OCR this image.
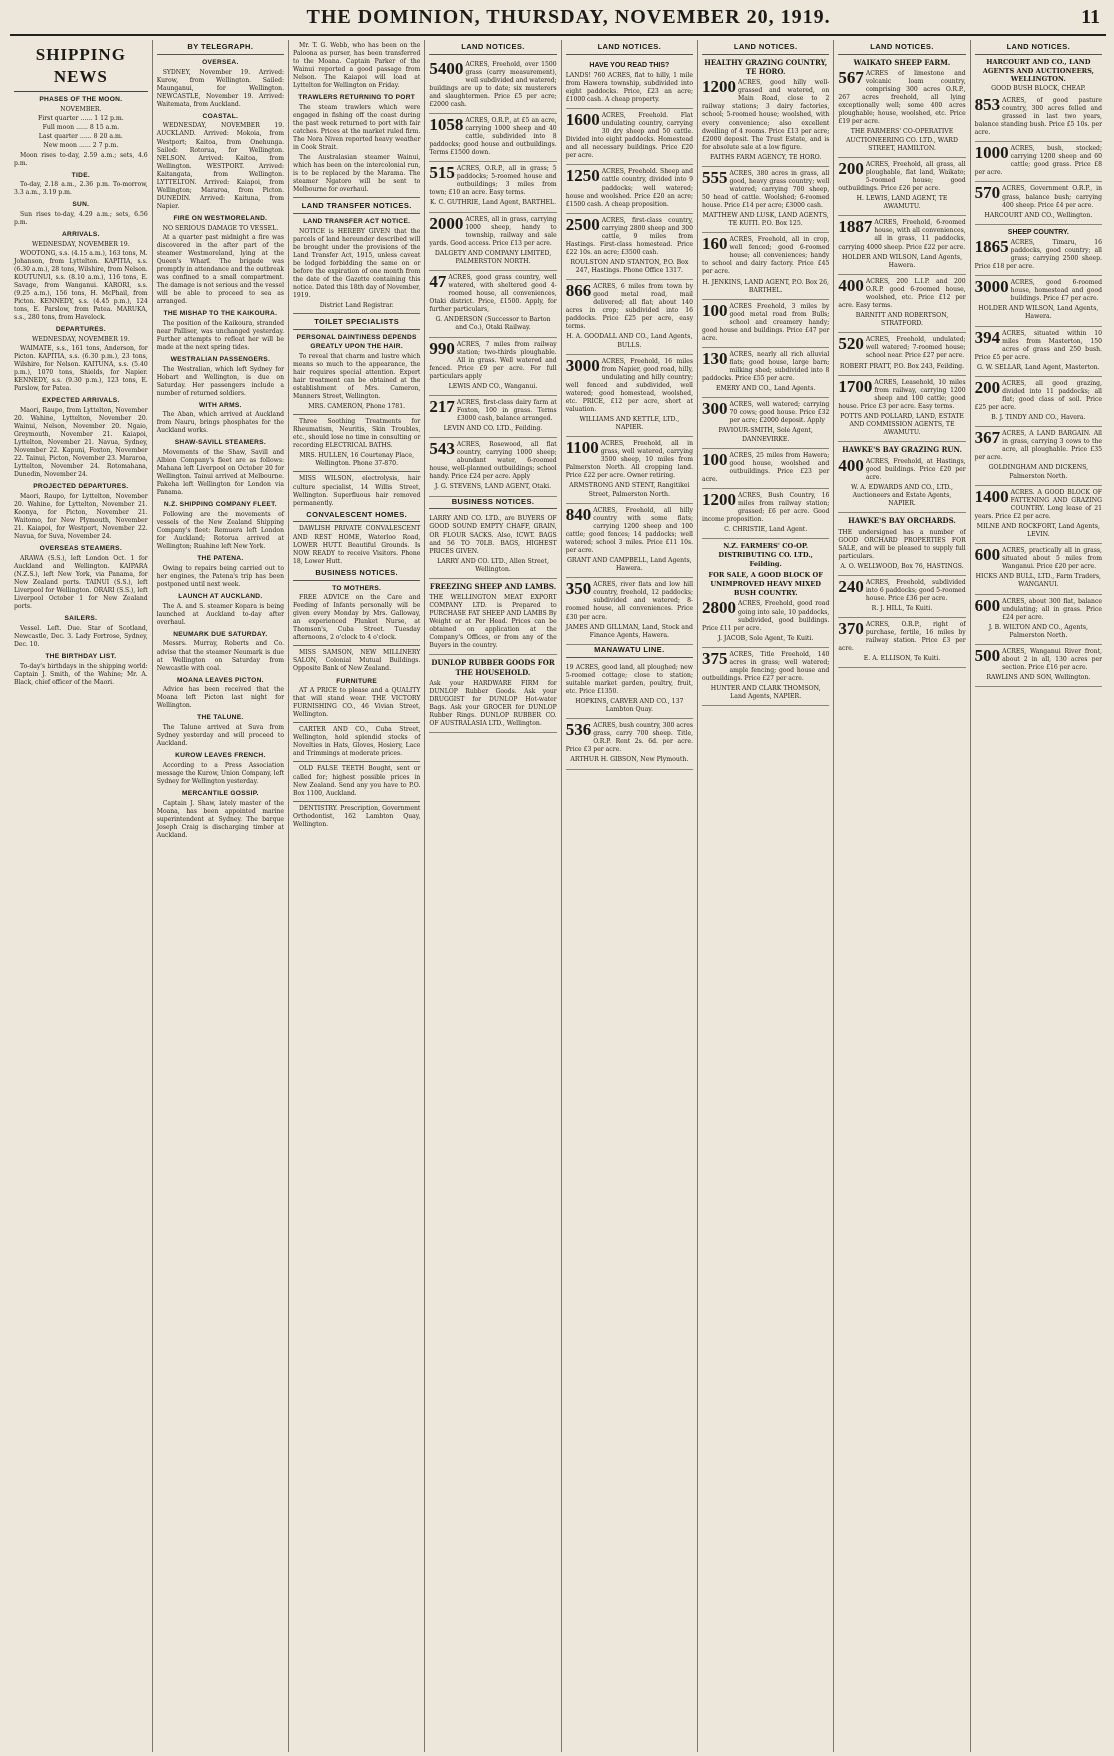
THE DOMINION, THURSDAY, NOVEMBER 20, 1919.	11
SHIPPING NEWS
PHASES OF THE MOON.
NOVEMBER.
First quarter ...... 1 12 p.m.
Full moon ...... 8 15 a.m.
Last quarter ...... 8 20 a.m.
New moon ...... 2 7 p.m.

Moon rises to-day, 2.59 a.m.; sets, 4.6 p.m.

TIDE.

To-day, 2.18 a.m., 2.36 p.m. To-morrow, 3.3 a.m., 3.19 p.m.

SUN.

Sun rises to-day, 4.29 a.m.; sets, 6.56 p.m.

ARRIVALS.
WEDNESDAY, NOVEMBER 19.

WOOTONG, s.s. (4.15 a.m.), 163 tons, M. Johanson, from Lyttelton. KAPITIA, s.s. (6.30 a.m.), 28 tons, Wilshire, from Nelson. KOUTUNUI, s.s. (8.10 a.m.), 116 tons, E. Savage, from Wanganui. KARORI, s.s. (9.25 a.m.), 156 tons, H. McPhail, from Picton. KENNEDY, s.s. (4.45 p.m.), 124 tons, E. Parslow, from Patea. MARUKA, s.s., 280 tons, from Havelock.

DEPARTURES.
WEDNESDAY, NOVEMBER 19.

WAIMATE, s.s., 161 tons, Anderson, for Picton. KAPITIA, s.s. (6.30 p.m.), 23 tons, Wilshire, for Nelson. KAITUNA, s.s. (5.40 p.m.), 1070 tons, Shields, for Napier. KENNEDY, s.s. (9.30 p.m.), 123 tons, E. Parslow, for Patea.

EXPECTED ARRIVALS.

Maori, Raupo, from Lyttelton, November 20. Wahine, Lyttelton, November 20. Wainui, Nelson, November 20. Ngaio, Greymouth, November 21. Kaiapoi, Lyttelton, November 21. Navua, Sydney, November 22. Kapuni, Foxton, November 22. Tainui, Picton, November 23. Mararoa, Lyttelton, November 24. Rotomahana, Dunedin, November 24.

PROJECTED DEPARTURES.

Maori, Raupo, for Lyttelton, November 20. Wahine, for Lyttelton, November 21. Koonya, for Picton, November 21. Waitomo, for New Plymouth, November 21. Kaiapoi, for Westport, November 22. Navua, for Suva, November 24.

OVERSEAS STEAMERS.

ARAWA (S.S.), left London Oct. 1 for Auckland and Wellington. KAIPARA (N.Z.S.), left New York, via Panama, for New Zealand ports. TAINUI (S.S.), left Liverpool for Wellington. ORARI (S.S.), left Liverpool October 1 for New Zealand ports.

SAILERS.

Vessel. Left. Due. Star of Scotland, Newcastle, Dec. 3. Lady Fortrose, Sydney, Dec. 10.

THE BIRTHDAY LIST.

To-day's birthdays in the shipping world: Captain J. Smith, of the Wahine; Mr. A. Black, chief officer of the Maori.

BY TELEGRAPH.
OVERSEA.

SYDNEY, November 19. Arrived: Kurow, from Wellington. Sailed: Maunganui, for Wellington. NEWCASTLE, November 19. Arrived: Waitemata, from Auckland.

COASTAL.

WEDNESDAY, NOVEMBER 19. AUCKLAND. Arrived: Mokoia, from Westport; Kaitoa, from Onehunga. Sailed: Rotorua, for Wellington. NELSON. Arrived: Kaitoa, from Wellington. WESTPORT. Arrived: Kaitangata, from Wellington. LYTTELTON. Arrived: Kaiapoi, from Wellington; Mararoa, from Picton. DUNEDIN. Arrived: Kaituna, from Napier.

FIRE ON WESTMORELAND.
NO SERIOUS DAMAGE TO VESSEL.

At a quarter past midnight a fire was discovered in the after part of the steamer Westmoreland, lying at the Queen's Wharf. The brigade was promptly in attendance and the outbreak was confined to a small compartment. The damage is not serious and the vessel will be able to proceed to sea as arranged.

THE MISHAP TO THE KAIKOURA.

The position of the Kaikoura, stranded near Palliser, was unchanged yesterday. Further attempts to refloat her will be made at the next spring tides.

WESTRALIAN PASSENGERS.

The Westralian, which left Sydney for Hobart and Wellington, is due on Saturday. Her passengers include a number of returned soldiers.

WITH ARMS.

The Aban, which arrived at Auckland from Nauru, brings phosphates for the Auckland works.

SHAW-SAVILL STEAMERS.

Movements of the Shaw, Savill and Albion Company's fleet are as follows: Mahana left Liverpool on October 20 for Wellington. Tainui arrived at Melbourne. Pakeha left Wellington for London via Panama.

N.Z. SHIPPING COMPANY FLEET.

Following are the movements of vessels of the New Zealand Shipping Company's fleet: Remuera left London for Auckland; Rotorua arrived at Wellington; Ruahine left New York.

THE PATENA.

Owing to repairs being carried out to her engines, the Patena's trip has been postponed until next week.

LAUNCH AT AUCKLAND.

The A. and S. steamer Kopara is being launched at Auckland to-day after overhaul.

NEUMARK DUE SATURDAY.

Messrs. Murray, Roberts and Co. advise that the steamer Neumark is due at Wellington on Saturday from Newcastle with coal.

MOANA LEAVES PICTON.

Advice has been received that the Moana left Picton last night for Wellington.

THE TALUNE.

The Talune arrived at Suva from Sydney yesterday and will proceed to Auckland.

KUROW LEAVES FRENCH.

According to a Press Association message the Kurow, Union Company, left Sydney for Wellington yesterday.

MERCANTILE GOSSIP.

Captain J. Shaw, lately master of the Moana, has been appointed marine superintendent at Sydney. The barque Joseph Craig is discharging timber at Auckland.

Mr. T. G. Webb, who has been on the Paloona as purser, has been transferred to the Moana. Captain Parker of the Wainui reported a good passage from Nelson. The Kaiapoi will load at Lyttelton for Wellington on Friday.

TRAWLERS RETURNING TO PORT

The steam trawlers which were engaged in fishing off the coast during the past week returned to port with fair catches. Prices at the market ruled firm. The Nora Niven reported heavy weather in Cook Strait.

The Australasian steamer Wainui, which has been on the intercolonial run, is to be replaced by the Marama. The steamer Ngatoro will be sent to Melbourne for overhaul.

LAND TRANSFER NOTICES.
LAND TRANSFER ACT NOTICE.

NOTICE is HEREBY GIVEN that the parcels of land hereunder described will be brought under the provisions of the Land Transfer Act, 1915, unless caveat be lodged forbidding the same on or before the expiration of one month from the date of the Gazette containing this notice. Dated this 18th day of November, 1919.

District Land Registrar.
TOILET SPECIALISTS
PERSONAL DAINTINESS DEPENDS GREATLY UPON THE HAIR.

To reveal that charm and lustre which means so much to the appearance, the hair requires special attention. Expert hair treatment can be obtained at the establishment of Mrs. Cameron, Manners Street, Wellington.

MRS. CAMERON, Phone 1781.

Three Soothing Treatments for Rheumatism, Neuritis, Skin Troubles, etc., should lose no time in consulting or recording ELECTRICAL BATHS.

MRS. HULLEN, 16 Courtenay Place, Wellington. Phone 37-870.

MISS WILSON, electrolysis, hair culture specialist, 14 Willis Street, Wellington. Superfluous hair removed permanently.

CONVALESCENT HOMES.

DAWLISH PRIVATE CONVALESCENT AND REST HOME, Waterloo Road, LOWER HUTT. Beautiful Grounds. Is NOW READY to receive Visitors. Phone 18, Lower Hutt.

BUSINESS NOTICES.
TO MOTHERS.

FREE ADVICE on the Care and Feeding of Infants personally will be given every Monday by Mrs. Galloway, an experienced Plunket Nurse, at Thomson's, Cuba Street. Tuesday afternoons, 2 o'clock to 4 o'clock.

MISS SAMSON, NEW MILLINERY SALON, Colonial Mutual Buildings. Opposite Bank of New Zealand.

FURNITURE

AT A PRICE to please and a QUALITY that will stand wear. THE VICTORY FURNISHING CO., 46 Vivian Street, Wellington.

CARTER AND CO., Cuba Street, Wellington, hold splendid stocks of Novelties in Hats, Gloves, Hosiery, Lace and Trimmings at moderate prices.

OLD FALSE TEETH Bought, sent or called for; highest possible prices in New Zealand. Send any you have to P.O. Box 1100, Auckland.

DENTISTRY. Prescription, Government Orthodontist, 162 Lambton Quay, Wellington.

LAND NOTICES.
5400 ACRES, Freehold, over 1500 grass (carry measurement), well subdivided and watered; buildings are up to date; six musterers and slaughtermen. Price £5 per acre; £2000 cash.
1058 ACRES, O.R.P., at £5 an acre, carrying 1000 sheep and 40 cattle, subdivided into 8 paddocks; good house and outbuildings. Terms £1500 down.
515 ACRES, O.R.P., all in grass; 5 paddocks; 5-roomed house and outbuildings; 3 miles from town; £10 an acre. Easy terms.
K. C. GUTHRIE, Land Agent, BARTHEL.
2000 ACRES, all in grass, carrying 1000 sheep, handy to township, railway and sale yards. Good access. Price £13 per acre.
DALGETY AND COMPANY LIMITED, PALMERSTON NORTH.
47 ACRES, good grass country, well watered, with sheltered good 4-roomed house, all conveniences, Otaki district. Price, £1500. Apply, for further particulars,
G. ANDERSON (Successor to Barton and Co.), Otaki Railway.
990 ACRES, 7 miles from railway station; two-thirds ploughable. All in grass. Well watered and fenced. Price £9 per acre. For full particulars apply
LEWIS AND CO., Wanganui.
217 ACRES, first-class dairy farm at Foxton, 100 in grass. Terms £3000 cash, balance arranged.
LEVIN AND CO. LTD., Feilding.
543 ACRES, Rosewood, all flat country, carrying 1000 sheep; abundant water, 6-roomed house, well-planned outbuildings; school handy. Price £24 per acre. Apply
J. G. STEVENS, LAND AGENT, Otaki.
BUSINESS NOTICES.
LARRY AND CO. LTD., are BUYERS OF GOOD SOUND EMPTY CHAFF, GRAIN, OR FLOUR SACKS. Also, ICWT. BAGS and 56 TO 70LB. BAGS, HIGHEST PRICES GIVEN.
LARRY AND CO. LTD., Allen Street, Wellington.
FREEZING SHEEP AND LAMBS.
THE WELLINGTON MEAT EXPORT COMPANY LTD. is Prepared to PURCHASE FAT SHEEP AND LAMBS By Weight or at Per Head. Prices can be obtained on application at the Company's Offices, or from any of the Buyers in the country.
DUNLOP RUBBER GOODS FOR THE HOUSEHOLD.
Ask your HARDWARE FIRM for DUNLOP Rubber Goods. Ask your DRUGGIST for DUNLOP Hot-water Bags. Ask your GROCER for DUNLOP Rubber Rings. DUNLOP RUBBER CO. OF AUSTRALASIA LTD., Wellington.
LAND NOTICES.
HAVE YOU READ THIS?
LANDS! 760 ACRES, flat to hilly, 1 mile from Hawera township, subdivided into eight paddocks. Price, £23 an acre; £1000 cash. A cheap property.
1600 ACRES, Freehold. Flat undulating country, carrying 30 dry sheep and 50 cattle. Divided into eight paddocks. Homestead and all necessary buildings. Price £20 per acre.
1250 ACRES, Freehold. Sheep and cattle country, divided into 9 paddocks; well watered; house and woolshed. Price £20 an acre; £1500 cash. A cheap proposition.
2500 ACRES, first-class country, carrying 2800 sheep and 300 cattle, 9 miles from Hastings. First-class homestead. Price £22 10s. an acre; £3500 cash.
ROULSTON AND STANTON, P.O. Box 247, Hastings. Phone Office 1317.
866 ACRES, 6 miles from town by good metal road, mail delivered; all flat; about 140 acres in crop; subdivided into 16 paddocks. Price £25 per acre, easy terms.
H. A. GOODALL AND CO., Land Agents, BULLS.
3000 ACRES, Freehold, 16 miles from Napier, good road, hilly, undulating and hilly country; well fenced and subdivided, well watered; good homestead, woolshed, etc. PRICE, £12 per acre, short at valuation.
WILLIAMS AND KETTLE, LTD., NAPIER.
1100 ACRES, Freehold, all in grass, well watered, carrying 3500 sheep, 10 miles from Palmerston North. All cropping land. Price £22 per acre. Owner retiring.
ARMSTRONG AND STENT, Rangitikei Street, Palmerston North.
840 ACRES, Freehold, all hilly country with some flats; carrying 1200 sheep and 100 cattle; good fences; 14 paddocks; well watered; school 3 miles. Price £11 10s. per acre.
GRANT AND CAMPBELL, Land Agents, Hawera.
350 ACRES, river flats and low hill country, freehold, 12 paddocks; subdivided and watered; 8-roomed house, all conveniences. Price £30 per acre.
JAMES AND GILLMAN, Land, Stock and Finance Agents, Hawera.
MANAWATU LINE.
19 ACRES, good land, all ploughed; new 5-roomed cottage; close to station; suitable market garden, poultry, fruit, etc. Price £1350.
HOPKINS, CARVER AND CO., 137 Lambton Quay.
536 ACRES, bush country, 300 acres grass, carry 700 sheep. Title, O.R.P. Rent 2s. 6d. per acre. Price £3 per acre.
ARTHUR H. GIBSON, New Plymouth.
LAND NOTICES.
HEALTHY GRAZING COUNTRY, TE HORO.
1200 ACRES, good hilly well-grassed and watered, on Main Road, close to 2 railway stations; 3 dairy factories, school; 5-roomed house; woolshed, with every convenience; also excellent dwelling of 4 rooms. Price £13 per acre; £2000 deposit. The Trust Estate, and is for absolute sale at a low figure.
FAITHS FARM AGENCY, TE HORO.
555 ACRES, 380 acres in grass, all good, heavy grass country; well watered; carrying 700 sheep, 50 head of cattle. Woolshed; 6-roomed house. Price £14 per acre; £3000 cash.
MATTHEW AND LUSK, LAND AGENTS, TE KUITI. P.O. Box 125.
160 ACRES, Freehold, all in crop, well fenced; good 6-roomed house; all conveniences; handy to school and dairy factory. Price £45 per acre.
H. JENKINS, LAND AGENT, P.O. Box 26, BARTHEL.
100 ACRES Freehold, 3 miles by good metal road from Bulls; school and creamery handy; good house and buildings. Price £47 per acre.
130 ACRES, nearly all rich alluvial flats; good house, large barn; milking shed; subdivided into 8 paddocks. Price £55 per acre.
EMERY AND CO., Land Agents.
300 ACRES, well watered; carrying 70 cows; good house. Price £32 per acre; £2000 deposit. Apply
PAVIOUR-SMITH, Sole Agent, DANNEVIRKE.
100 ACRES, 25 miles from Hawera; good house, woolshed and outbuildings. Price £23 per acre.
1200 ACRES, Bush Country, 16 miles from railway station; grassed; £6 per acre. Good income proposition.
C. CHRISTIE, Land Agent.
N.Z. FARMERS' CO-OP. DISTRIBUTING CO. LTD., Feilding.
FOR SALE, A GOOD BLOCK OF UNIMPROVED HEAVY MIXED BUSH COUNTRY.
2800 ACRES, Freehold, good road going into sale, 10 paddocks, subdivided, good buildings. Price £11 per acre.
J. JACOB, Sole Agent, Te Kuiti.
375 ACRES, Title Freehold, 140 acres in grass; well watered; ample fencing; good house and outbuildings. Price £27 per acre.
HUNTER AND CLARK THOMSON, Land Agents, NAPIER.
LAND NOTICES.
WAIKATO SHEEP FARM.
567 ACRES of limestone and volcanic loam country, comprising 300 acres O.R.P., 267 acres freehold, all lying exceptionally well; some 400 acres ploughable; house, woolshed, etc. Price £19 per acre.
THE FARMERS' CO-OPERATIVE AUCTIONEERING CO. LTD., WARD STREET, HAMILTON.
200 ACRES, Freehold, all grass, all ploughable, flat land, Waikato; 5-roomed house; good outbuildings. Price £26 per acre.
H. LEWIS, LAND AGENT, TE AWAMUTU.
1887 ACRES, Freehold, 6-roomed house, with all conveniences, all in grass, 11 paddocks, carrying 4000 sheep. Price £22 per acre.
HOLDER AND WILSON, Land Agents, Hawera.
400 ACRES, 200 L.I.P. and 200 O.R.P. good 6-roomed house, woolshed, etc. Price £12 per acre. Easy terms.
BARNITT AND ROBERTSON, STRATFORD.
520 ACRES, Freehold, undulated; well watered; 7-roomed house; school near. Price £27 per acre.
ROBERT PRATT, P.O. Box 243, Feilding.
1700 ACRES, Leasehold, 10 miles from railway, carrying 1200 sheep and 100 cattle; good house. Price £3 per acre. Easy terms.
POTTS AND POLLARD, LAND, ESTATE AND COMMISSION AGENTS, TE AWAMUTU.
HAWKE'S BAY GRAZING RUN.
400 ACRES, Freehold, at Hastings, good buildings. Price £20 per acre.
W. A. EDWARDS AND CO., LTD., Auctioneers and Estate Agents, NAPIER.
HAWKE'S BAY ORCHARDS.
THE undersigned has a number of GOOD ORCHARD PROPERTIES FOR SALE, and will be pleased to supply full particulars.
A. O. WELLWOOD, Box 76, HASTINGS.
240 ACRES, Freehold, subdivided into 6 paddocks; good 5-roomed house. Price £36 per acre.
R. J. HILL, Te Kuiti.
370 ACRES, O.R.P., right of purchase, fertile, 16 miles by railway station. Price £3 per acre.
E. A. ELLISON, Te Kuiti.
LAND NOTICES.
HARCOURT AND CO., LAND AGENTS AND AUCTIONEERS, WELLINGTON.
GOOD BUSH BLOCK, CHEAP.
853 ACRES, of good pasture country, 300 acres felled and grassed in last two years, balance standing bush. Price £5 10s. per acre.
1000 ACRES, bush, stocked; carrying 1200 sheep and 60 cattle; good grass. Price £8 per acre.
570 ACRES, Government O.R.P., in grass, balance bush; carrying 400 sheep. Price £4 per acre.
HARCOURT AND CO., Wellington.
SHEEP COUNTRY.
1865 ACRES, Timaru, 16 paddocks, good country; all grass; carrying 2500 sheep. Price £18 per acre.
3000 ACRES, good 6-roomed house, homestead and good buildings. Price £7 per acre.
HOLDER AND WILSON, Land Agents, Hawera.
394 ACRES, situated within 10 miles from Masterton, 150 acres of grass and 250 bush. Price £5 per acre.
G. W. SELLAR, Land Agent, Masterton.
200 ACRES, all good grazing, divided into 11 paddocks; all flat; good class of soil. Price £25 per acre.
B. J. TINDY AND CO., Havera.
367 ACRES, A LAND BARGAIN. All in grass, carrying 3 cows to the acre, all ploughable. Price £35 per acre.
GOLDINGHAM AND DICKENS, Palmerston North.
1400 ACRES. A GOOD BLOCK OF FATTENING AND GRAZING COUNTRY. Long lease of 21 years. Price £2 per acre.
MILNE AND ROCKFORT, Land Agents, LEVIN.
600 ACRES, practically all in grass, situated about 5 miles from Wanganui. Price £20 per acre.
HICKS AND BULL, LTD., Farm Traders, WANGANUI.
600 ACRES, about 300 flat, balance undulating; all in grass. Price £24 per acre.
J. B. WILTON AND CO., Agents, Palmerston North.
500 ACRES, Wanganui River front, about 2 in all, 130 acres per section. Price £16 per acre.
RAWLINS AND SON, Wellington.
